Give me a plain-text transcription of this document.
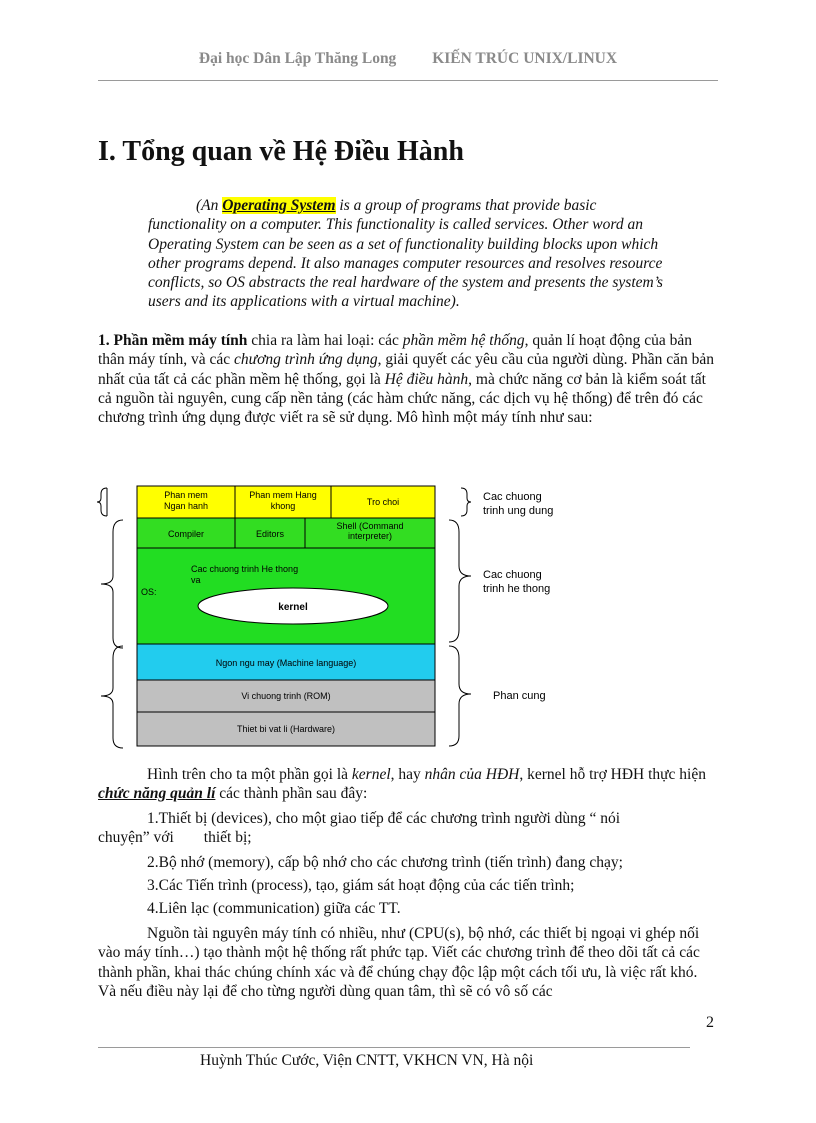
Đại học Dân Lập Thăng Long KIẾN TRÚC UNIX/LINUX
I. Tổng quan về Hệ Điều Hành
(An Operating System is a group of programs that provide basic functionality on a computer. This functionality is called services. Other word an Operating System can be seen as a set of functionality building blocks upon which other programs depend. It also manages computer resources and resolves resource conflicts, so OS abstracts the real hardware of the system and presents the system’s users and its applications with a virtual machine).
1. Phần mềm máy tính chia ra làm hai loại: các phần mềm hệ thống, quản lí hoạt động của bản thân máy tính, và các chương trình ứng dụng, giải quyết các yêu cầu của người dùng. Phần căn bản nhất của tất cả các phần mềm hệ thống, gọi là Hệ điều hành, mà chức năng cơ bản là kiểm soát tất cả nguồn tài nguyên, cung cấp nền tảng (các hàm chức năng, các dịch vụ hệ thống) để trên đó các chương trình ứng dụng được viết ra sẽ sử dụng. Mô hình một máy tính như sau:
Phan mem Ngan hanh
Phan mem Hang khong	Tro choi
Compiler	Editors
Shell (Command interpreter)
Cac chuong trinh He thong va
OS:
kernel
Ngon ngu may (Machine language)
Vi chuong trinh (ROM)
Thiet bi vat li (Hardware)
Cac chuong trinh ung dung
Cac chuong trinh he thong
Phan cung
Hình trên cho ta một phần gọi là kernel, hay nhân của HĐH, kernel hỗ trợ HĐH thực hiện chức năng quản lí các thành phần sau đây:
1.Thiết bị (devices), cho một giao tiếp để các chương trình người dùng “ nói
chuyện” với thiết bị;
2.Bộ nhớ (memory), cấp bộ nhớ cho các chương trình (tiến trình) đang chạy;
3.Các Tiến trình (process), tạo, giám sát hoạt động của các tiến trình;
4.Liên lạc (communication) giữa các TT.
Nguồn tài nguyên máy tính có nhiều, như (CPU(s), bộ nhớ, các thiết bị ngoại vi ghép nối vào máy tính…) tạo thành một hệ thống rất phức tạp. Viết các chương trình để theo dõi tất cả các thành phần, khai thác chúng chính xác và để chúng chạy độc lập một cách tối ưu, là việc rất khó. Và nếu điều này lại để cho từng người dùng quan tâm, thì sẽ có vô số các
2
Huỳnh Thúc Cước, Viện CNTT, VKHCN VN, Hà nội
